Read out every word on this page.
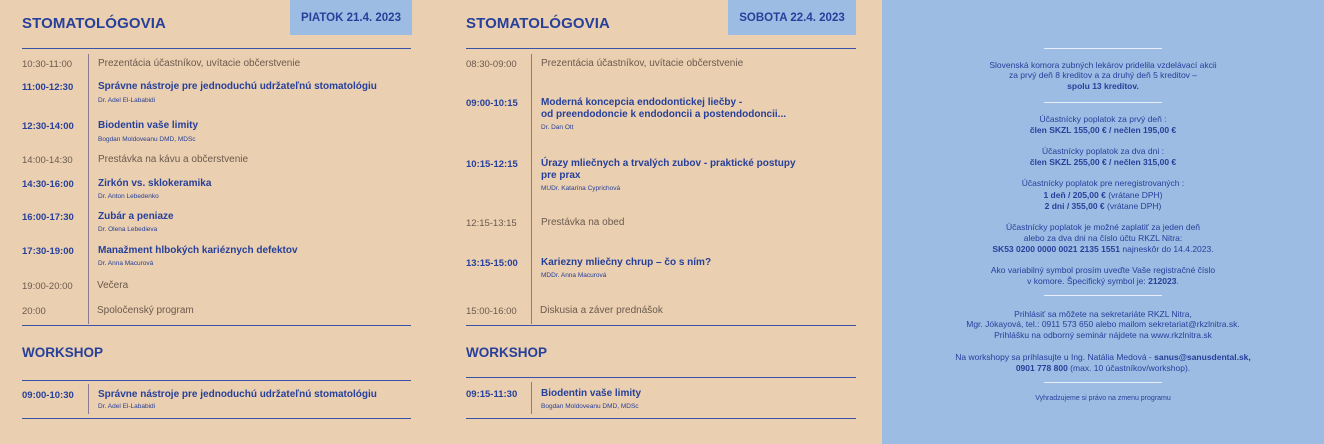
STOMATOLÓGOVIA	PIATOK 21.4. 2023
10:30-11:00	Prezentácia účastníkov, uvítacie občerstvenie
11:00-12:30 Správne nástroje pre jednoduchú udržateľnú stomatológiu
Dr. Adel El-Lababidi
12:30-14:00 Biodentin vaše limity
Bogdan Moldoveanu DMD, MDSc
14:00-14:30	Prestávka na kávu a občerstvenie
14:30-16:00 Zirkón vs. sklokeramika
Dr. Anton Lebedenko
16:00-17:30 Zubár a peniaze
Dr. Olena Lebedieva
17:30-19:00 Manažment hlbokých kariéznych defektov
Dr. Anna Macurová
19:00-20:00 Večera
20:00	Spoločenský program
WORKSHOP
09:00-10:30 Správne nástroje pre jednoduchú udržateľnú stomatológiu
Dr. Adel El-Lababidi
STOMATOLÓGOVIA	SOBOTA 22.4. 2023
08:30-09:00 Prezentácia účastníkov, uvítacie občerstvenie
09:00-10:15 Moderná koncepcia endodontickej liečby -
od preendodoncie k endodoncii a postendodoncii...
Dr. Dan Ott
10:15-12:15 Úrazy mliečnych a trvalých zubov - praktické postupy
pre prax
MUDr. Katarína Cyprichová
12:15-13:15 Prestávka na obed
13:15-15:00 Kariezny mliečny chrup – čo s ním?
MDDr. Anna Macurová
15:00-16:00 Diskusia a záver prednášok
WORKSHOP
09:15-11:30 Biodentin vaše limity
Bogdan Moldoveanu DMD, MDSc
Slovenská komora zubných lekárov pridelila vzdelávací akcii
za prvý deň 8 kreditov a za druhý deň 5 kreditov –
spolu 13 kreditov.
Účastnícky poplatok za prvý deň :
člen SKZL 155,00 € / nečlen 195,00 €
Účastnícky poplatok za dva dni :
člen SKZL 255,00 € / nečlen 315,00 €
Účastnícky poplatok pre neregistrovaných :
1 deň / 205,00 € (vrátane DPH)
2 dni / 355,00 € (vrátane DPH)
Účastnícky poplatok je možné zaplatiť za jeden deň
alebo za dva dni na číslo účtu RKZL Nitra:
SK53 0200 0000 0021 2135 1551 najneskôr do 14.4.2023.
Ako variabilný symbol prosím uveďte Vaše registračné číslo
v komore. Špecifický symbol je: 212023.
Prihlásiť sa môžete na sekretariáte RKZL Nitra,
Mgr. Jókayová, tel.: 0911 573 650 alebo mailom sekretariat@rkzlnitra.sk.
Prihlášku na odborný seminár nájdete na www.rkzlnitra.sk
Na workshopy sa prihlasujte u Ing. Natália Medová - sanus@sanusdental.sk,
0901 778 800 (max. 10 účastníkov/workshop).
Vyhradzujeme si právo na zmenu programu
